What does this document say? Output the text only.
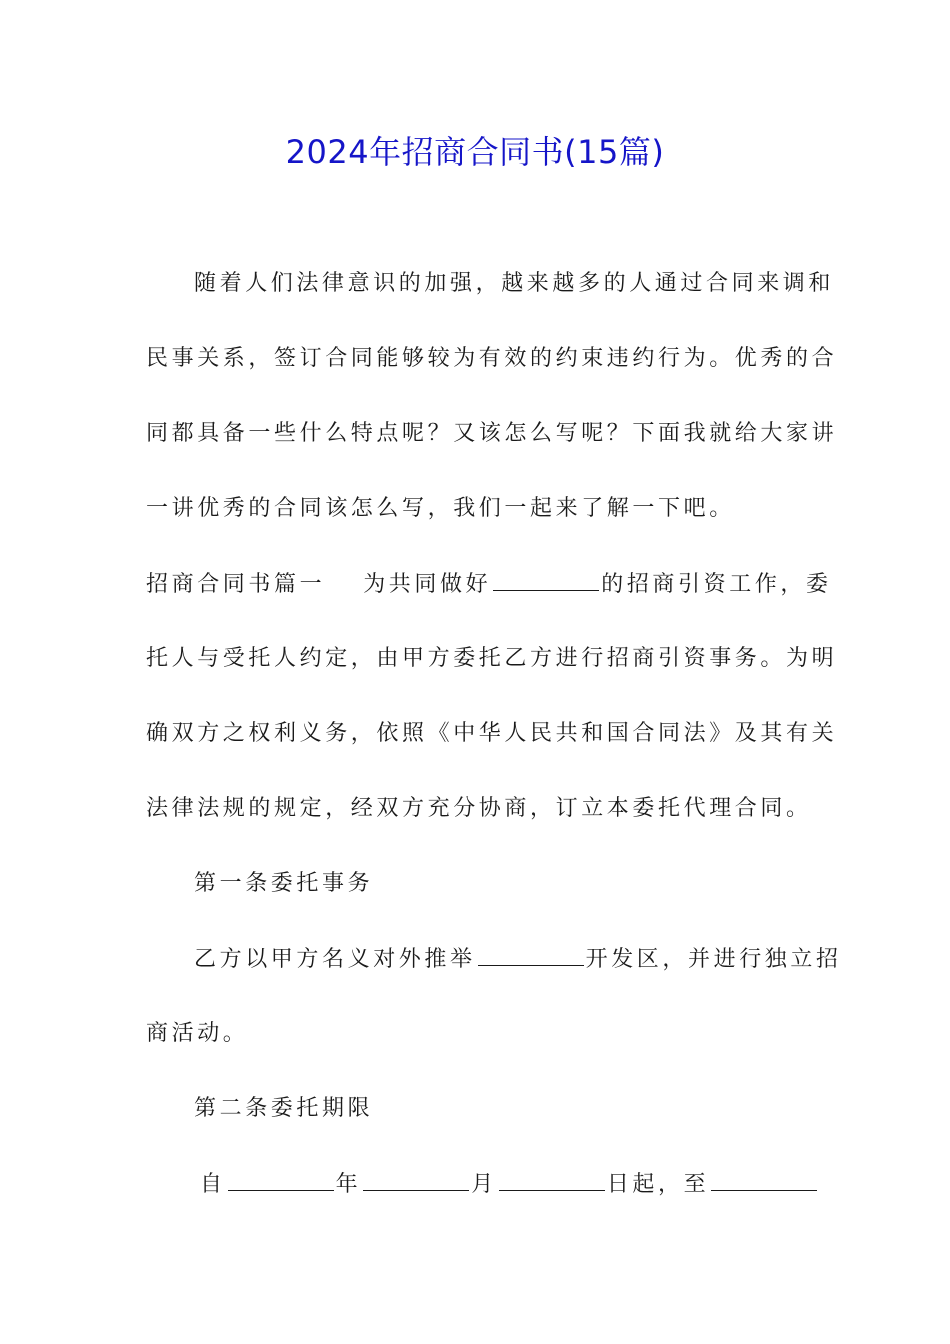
2024年招商合同书(15篇)
随着人们法律意识的加强，越来越多的人通过合同来调和
民事关系，签订合同能够较为有效的约束违约行为。优秀的合
同都具备一些什么特点呢？又该怎么写呢？下面我就给大家讲
一讲优秀的合同该怎么写，我们一起来了解一下吧。
招商合同书篇一 为共同做好	的招商引资工作，委
托人与受托人约定，由甲方委托乙方进行招商引资事务。为明
确双方之权利义务，依照《中华人民共和国合同法》及其有关
法律法规的规定，经双方充分协商，订立本委托代理合同。
第一条委托事务
乙方以甲方名义对外推举	开发区，并进行独立招
商活动。
第二条委托期限
自	年	月	日起，至
